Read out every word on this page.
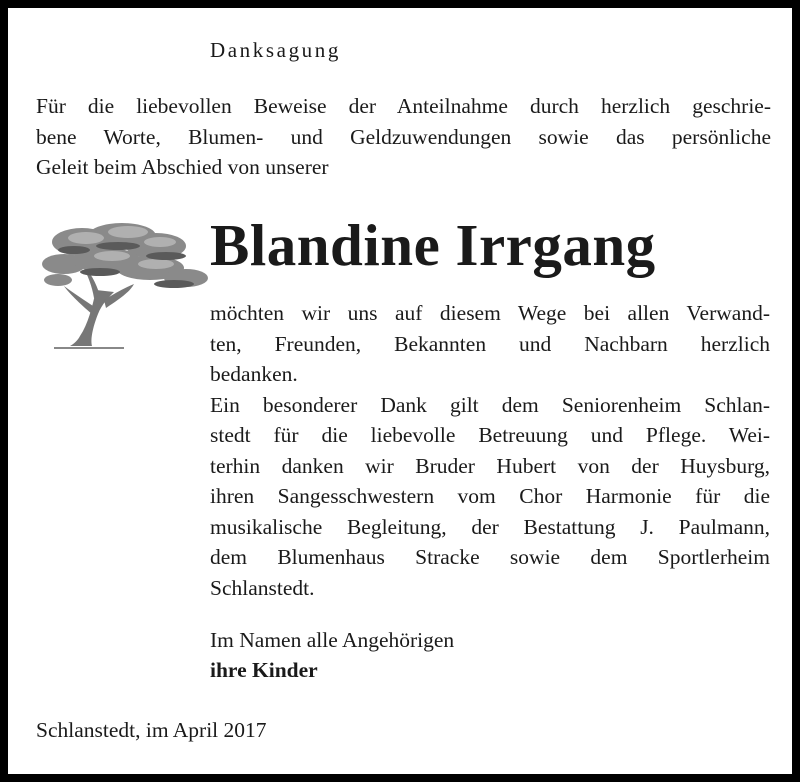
Danksagung
Für die liebevollen Beweise der Anteilnahme durch herzlich geschrie-
bene Worte, Blumen- und Geldzuwendungen sowie das persönliche
Geleit beim Abschied von unserer
Blandine Irrgang
möchten wir uns auf diesem Wege bei allen Verwand-
ten, Freunden, Bekannten und Nachbarn herzlich
bedanken.
Ein besonderer Dank gilt dem Seniorenheim Schlan-
stedt für die liebevolle Betreuung und Pflege. Wei-
terhin danken wir Bruder Hubert von der Huysburg,
ihren Sangesschwestern vom Chor Harmonie für die
musikalische Begleitung, der Bestattung J. Paulmann,
dem Blumenhaus Stracke sowie dem Sportlerheim
Schlanstedt.
Im Namen alle Angehörigen
ihre Kinder
Schlanstedt, im April 2017
